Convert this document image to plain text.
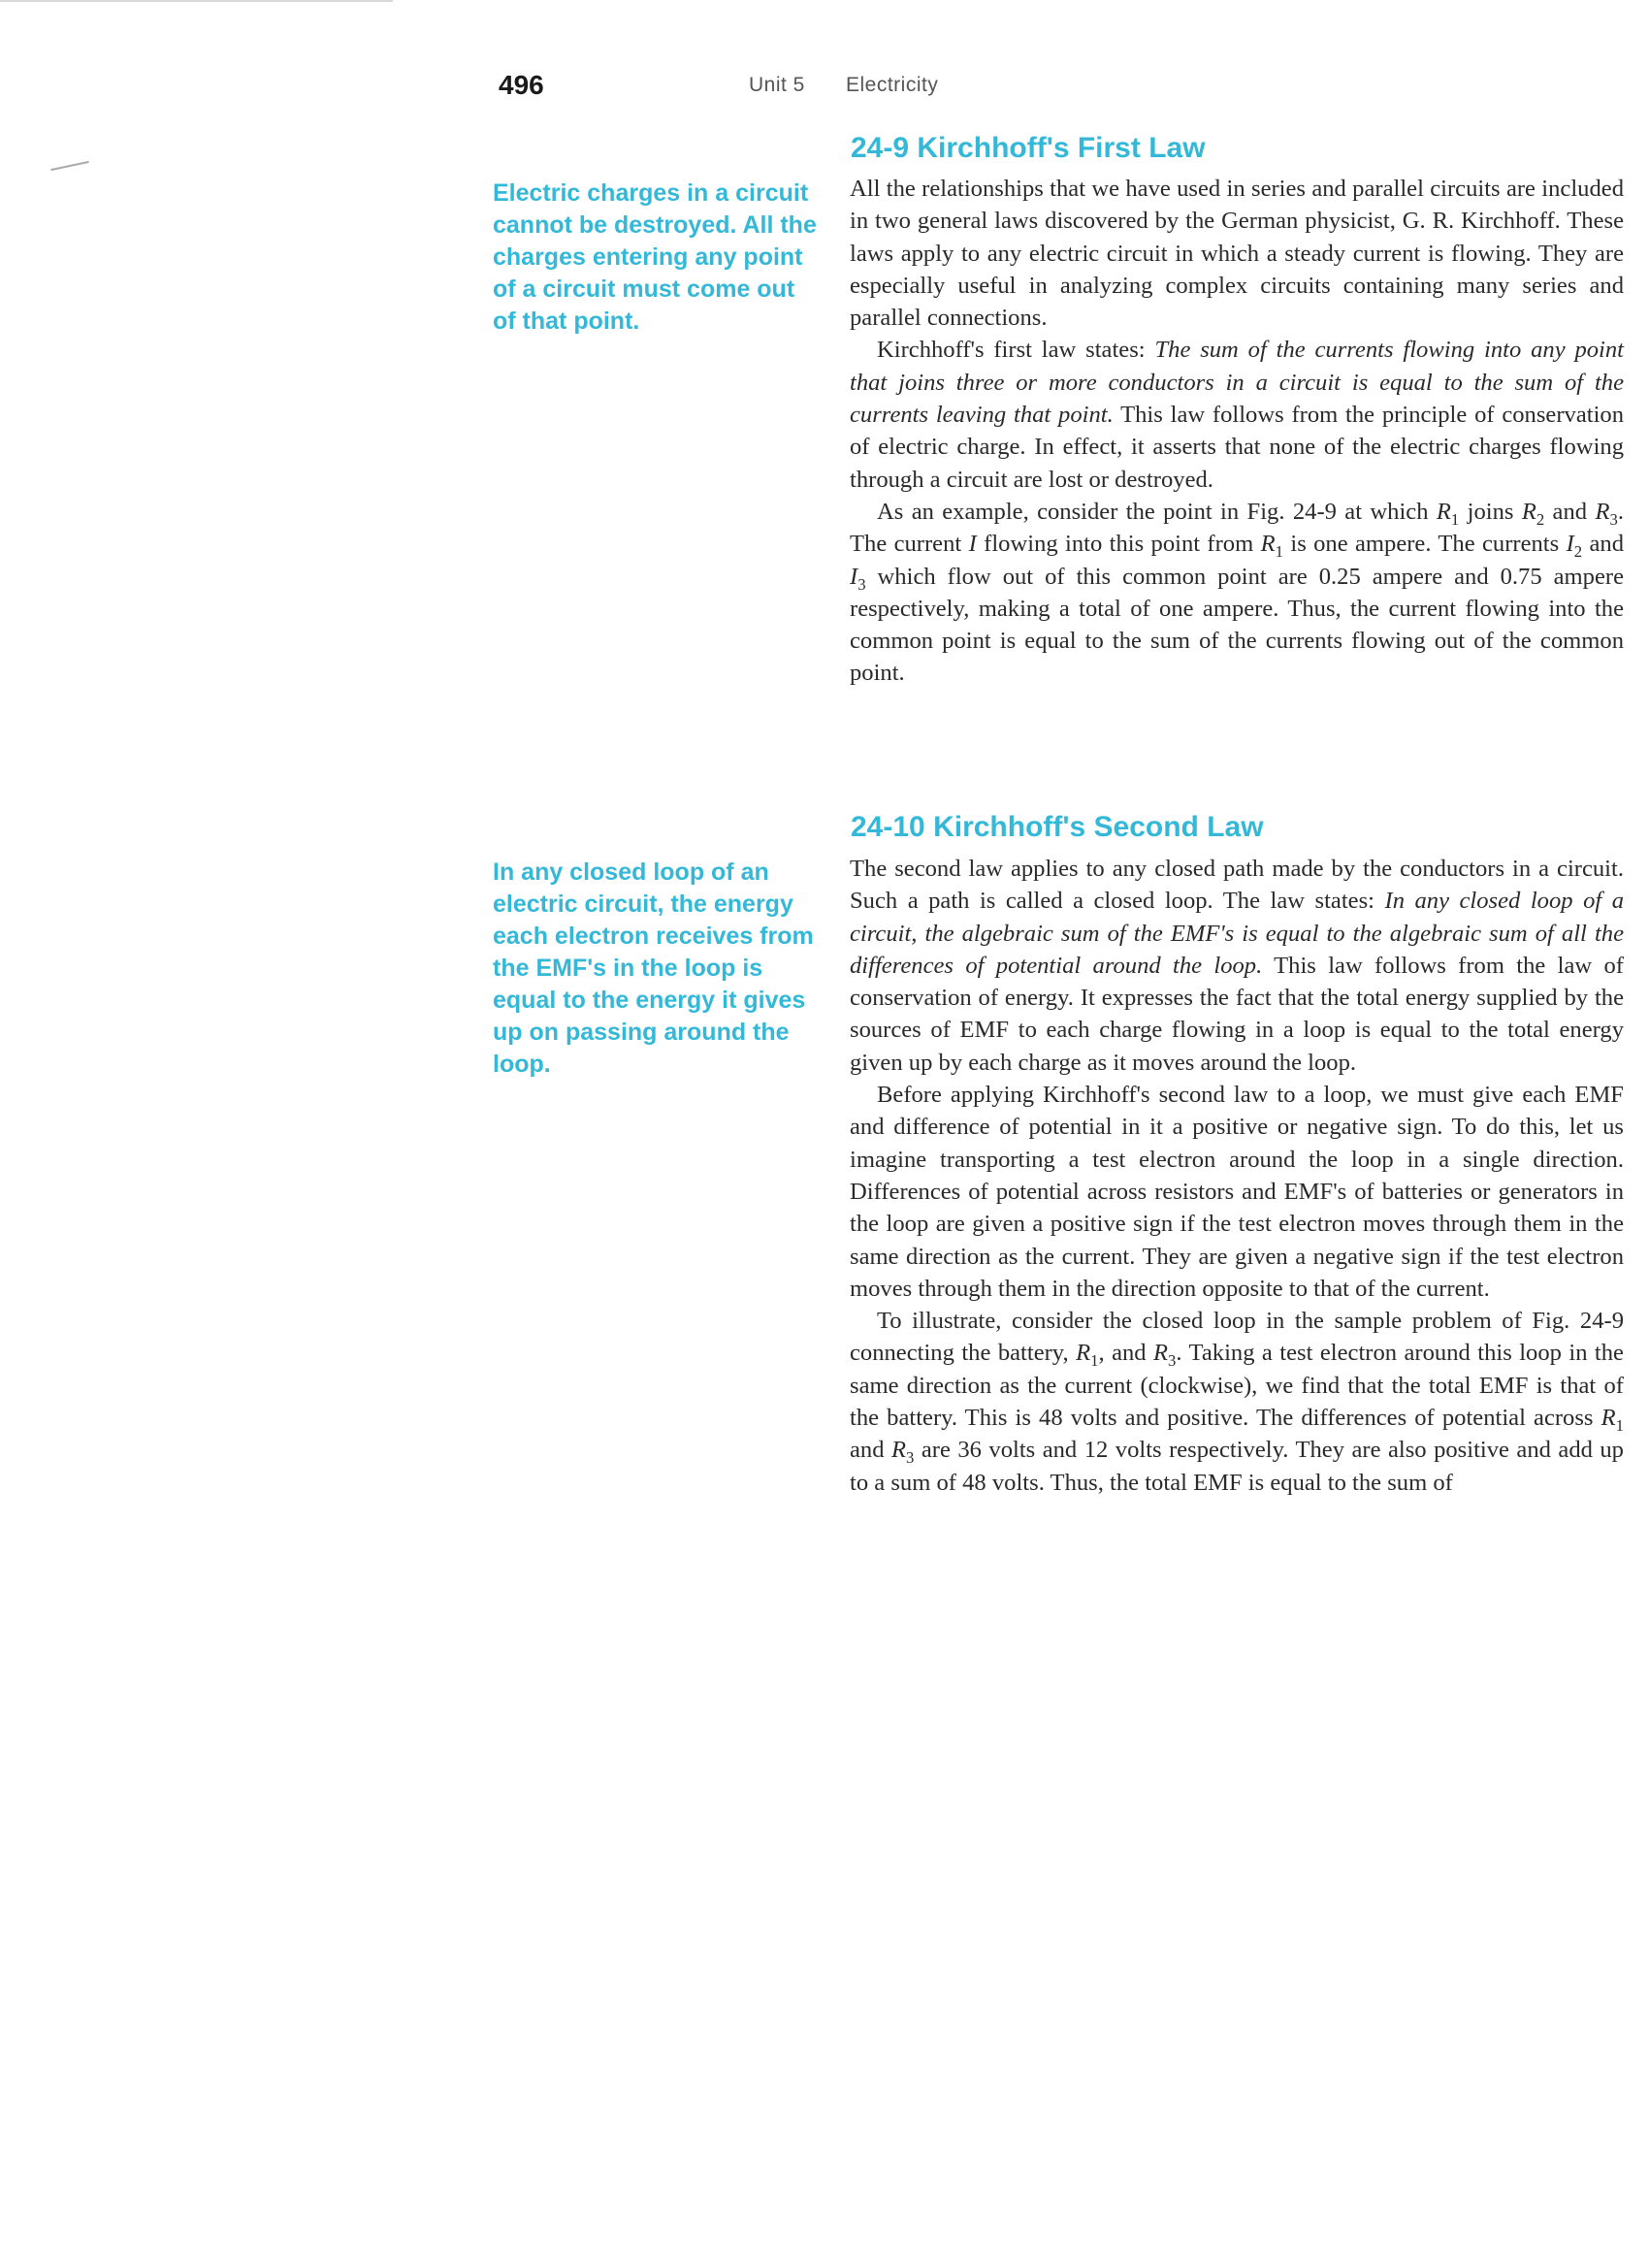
496	Unit 5 Electricity
Electric charges in a circuit cannot be destroyed. All the charges entering any point of a circuit must come out of that point.
In any closed loop of an electric circuit, the energy each electron receives from the EMF's in the loop is equal to the energy it gives up on passing around the loop.
24-9 Kirchhoff's First Law

All the relationships that we have used in series and parallel circuits are included in two general laws discovered by the German physicist, G. R. Kirchhoff. These laws apply to any electric circuit in which a steady current is flowing. They are especially useful in analyzing complex circuits containing many series and parallel connections.

Kirchhoff's first law states: The sum of the currents flowing into any point that joins three or more conductors in a circuit is equal to the sum of the currents leaving that point. This law follows from the principle of conservation of electric charge. In effect, it asserts that none of the electric charges flowing through a circuit are lost or destroyed.

As an example, consider the point in Fig. 24-9 at which $R_1$ joins $R_2$ and $R_3$. The current I flowing into this point from $R_1$ is one ampere. The currents $I_2$ and $I_3$ which flow out of this common point are 0.25 ampere and 0.75 ampere respectively, making a total of one ampere. Thus, the current flowing into the common point is equal to the sum of the currents flowing out of the common point.

24-10 Kirchhoff's Second Law

The second law applies to any closed path made by the conductors in a circuit. Such a path is called a closed loop. The law states: In any closed loop of a circuit, the algebraic sum of the EMF's is equal to the algebraic sum of all the differences of potential around the loop. This law follows from the law of conservation of energy. It expresses the fact that the total energy supplied by the sources of EMF to each charge flowing in a loop is equal to the total energy given up by each charge as it moves around the loop.

Before applying Kirchhoff's second law to a loop, we must give each EMF and difference of potential in it a positive or negative sign. To do this, let us imagine transporting a test electron around the loop in a single direction. Differences of potential across resistors and EMF's of batteries or generators in the loop are given a positive sign if the test electron moves through them in the same direction as the current. They are given a negative sign if the test electron moves through them in the direction opposite to that of the current.

To illustrate, consider the closed loop in the sample problem of Fig. 24-9 connecting the battery, $R_1$, and $R_3$. Taking a test electron around this loop in the same direction as the current (clockwise), we find that the total EMF is that of the battery. This is 48 volts and positive. The differences of potential across $R_1$ and $R_3$ are 36 volts and 12 volts respectively. They are also positive and add up to a sum of 48 volts. Thus, the total EMF is equal to the sum of
